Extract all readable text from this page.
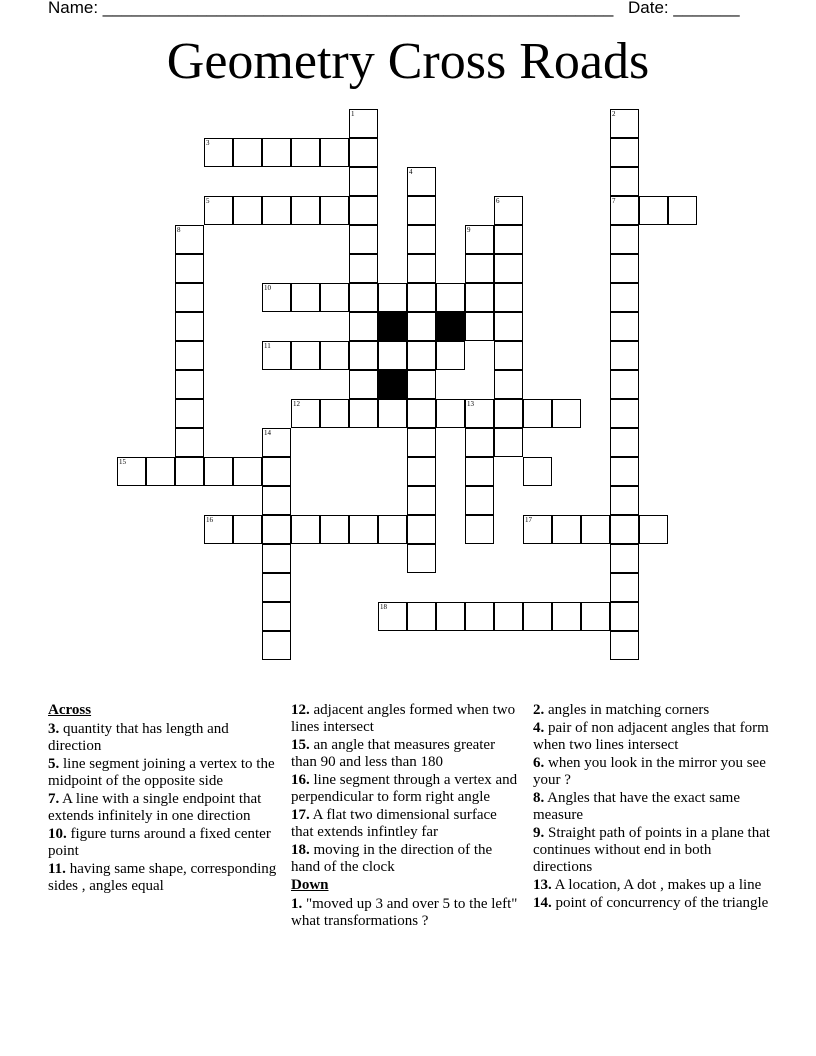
Name: ______________________________________________________ Date: _______
Geometry Cross Roads
1	2
3
4
5	6	7
8	9
10
11
12	13
14
15
16	17
18
Across
3. quantity that has length and direction
5. line segment joining a vertex to the midpoint of the opposite side
7. A line with a single endpoint that extends infinitely in one direction
10. figure turns around a fixed center point
11. having same shape, corresponding sides , angles equal
12. adjacent angles formed when two lines intersect
15. an angle that measures greater than 90 and less than 180
16. line segment through a vertex and perpendicular to form right angle
17. A flat two dimensional surface that extends infintley far
18. moving in the direction of the hand of the clock
Down
1. "moved up 3 and over 5 to the left" what transformations ?
2. angles in matching corners
4. pair of non adjacent angles that form when two lines intersect
6. when you look in the mirror you see your ?
8. Angles that have the exact same measure
9. Straight path of points in a plane that continues without end in both directions
13. A location, A dot , makes up a line
14. point of concurrency of the triangle
